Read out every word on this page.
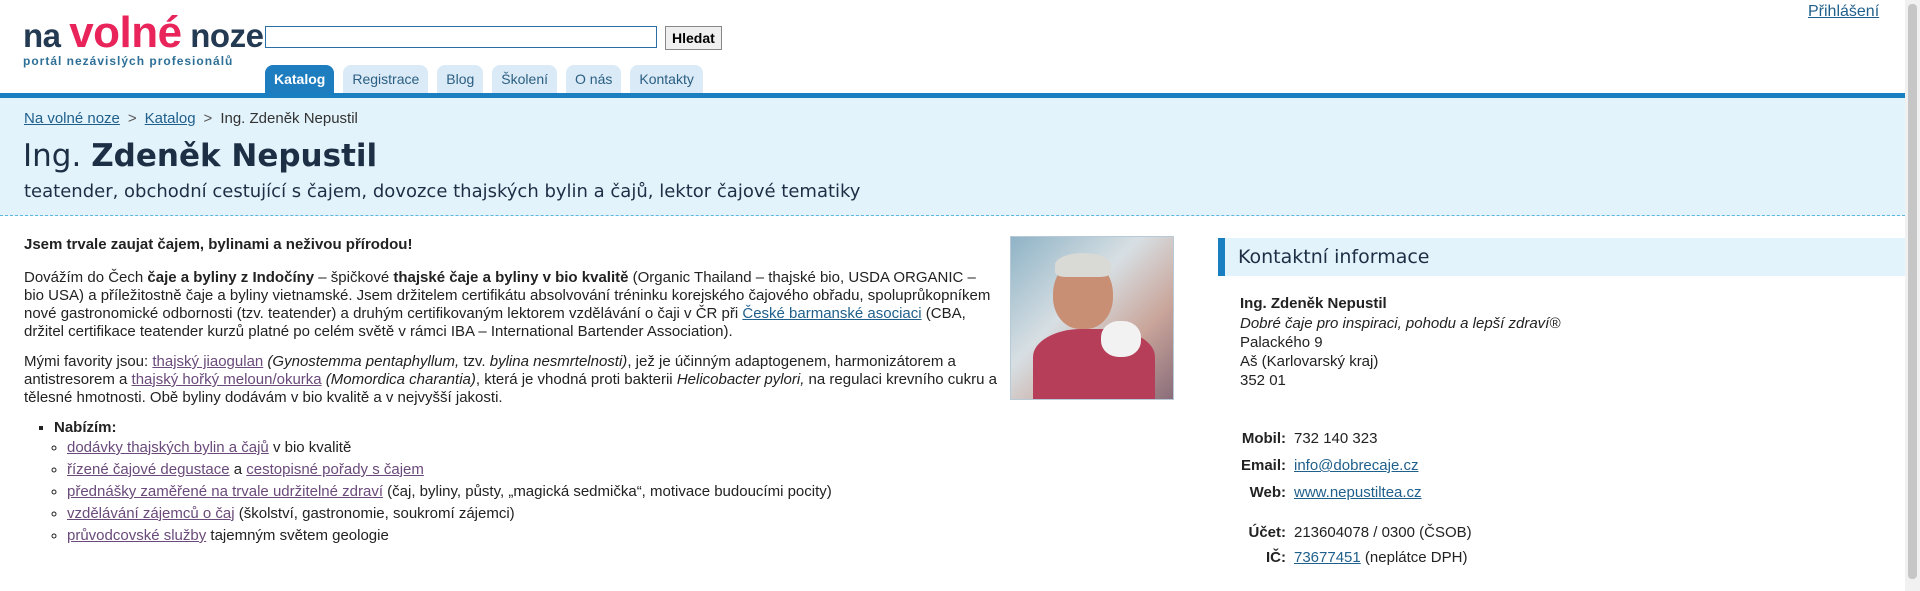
na volné noze
portál nezávislých profesionálů
Hledat
Přihlášení
Katalog	Registrace	Blog	Školení	O nás	Kontakty
Na volné noze > Katalog > Ing. Zdeněk Nepustil
Ing. Zdeněk Nepustil
teatender, obchodní cestující s čajem, dovozce thajských bylin a čajů, lektor čajové tematiky

Jsem trvale zaujat čajem, bylinami a neživou přírodou!

Dovážím do Čech čaje a byliny z Indočíny – špičkové thajské čaje a byliny v bio kvalitě (Organic Thailand – thajské bio, USDA ORGANIC – bio USA) a příležitostně čaje a byliny vietnamské. Jsem držitelem certifikátu absolvování tréninku korejského čajového obřadu, spoluprůkopníkem nové gastronomické odbornosti (tzv. teatender) a druhým certifikovaným lektorem vzdělávání o čaji v ČR při České barmanské asociaci (CBA, držitel certifikace teatender kurzů platné po celém světě v rámci IBA – International Bartender Association).

Mými favority jsou: thajský jiaogulan (Gynostemma pentaphyllum, tzv. bylina nesmrtelnosti), jež je účinným adaptogenem, harmonizátorem a antistresorem a thajský hořký meloun/okurka (Momordica charantia), která je vhodná proti bakterii Helicobacter pylori, na regulaci krevního cukru a tělesné hmotnosti. Obě byliny dodávám v bio kvalitě a v nejvyšší jakosti.

▪ Nabízím:
◦ dodávky thajských bylin a čajů v bio kvalitě
◦ řízené čajové degustace a cestopisné pořady s čajem
◦ přednášky zaměřené na trvale udržitelné zdraví (čaj, byliny, půsty, „magická sedmička“, motivace budoucími pocity)
◦ vzdělávání zájemců o čaj (školství, gastronomie, soukromí zájemci)
◦ průvodcovské služby tajemným světem geologie
Kontaktní informace
Ing. Zdeněk Nepustil
Dobré čaje pro inspiraci, pohodu a lepší zdraví®
Palackého 9
Aš (Karlovarský kraj)
352 01
Mobil: 732 140 323
Email: info@dobrecaje.cz
Web: www.nepustiltea.cz
Účet: 213604078 / 0300 (ČSOB)
IČ: 73677451 (neplátce DPH)
